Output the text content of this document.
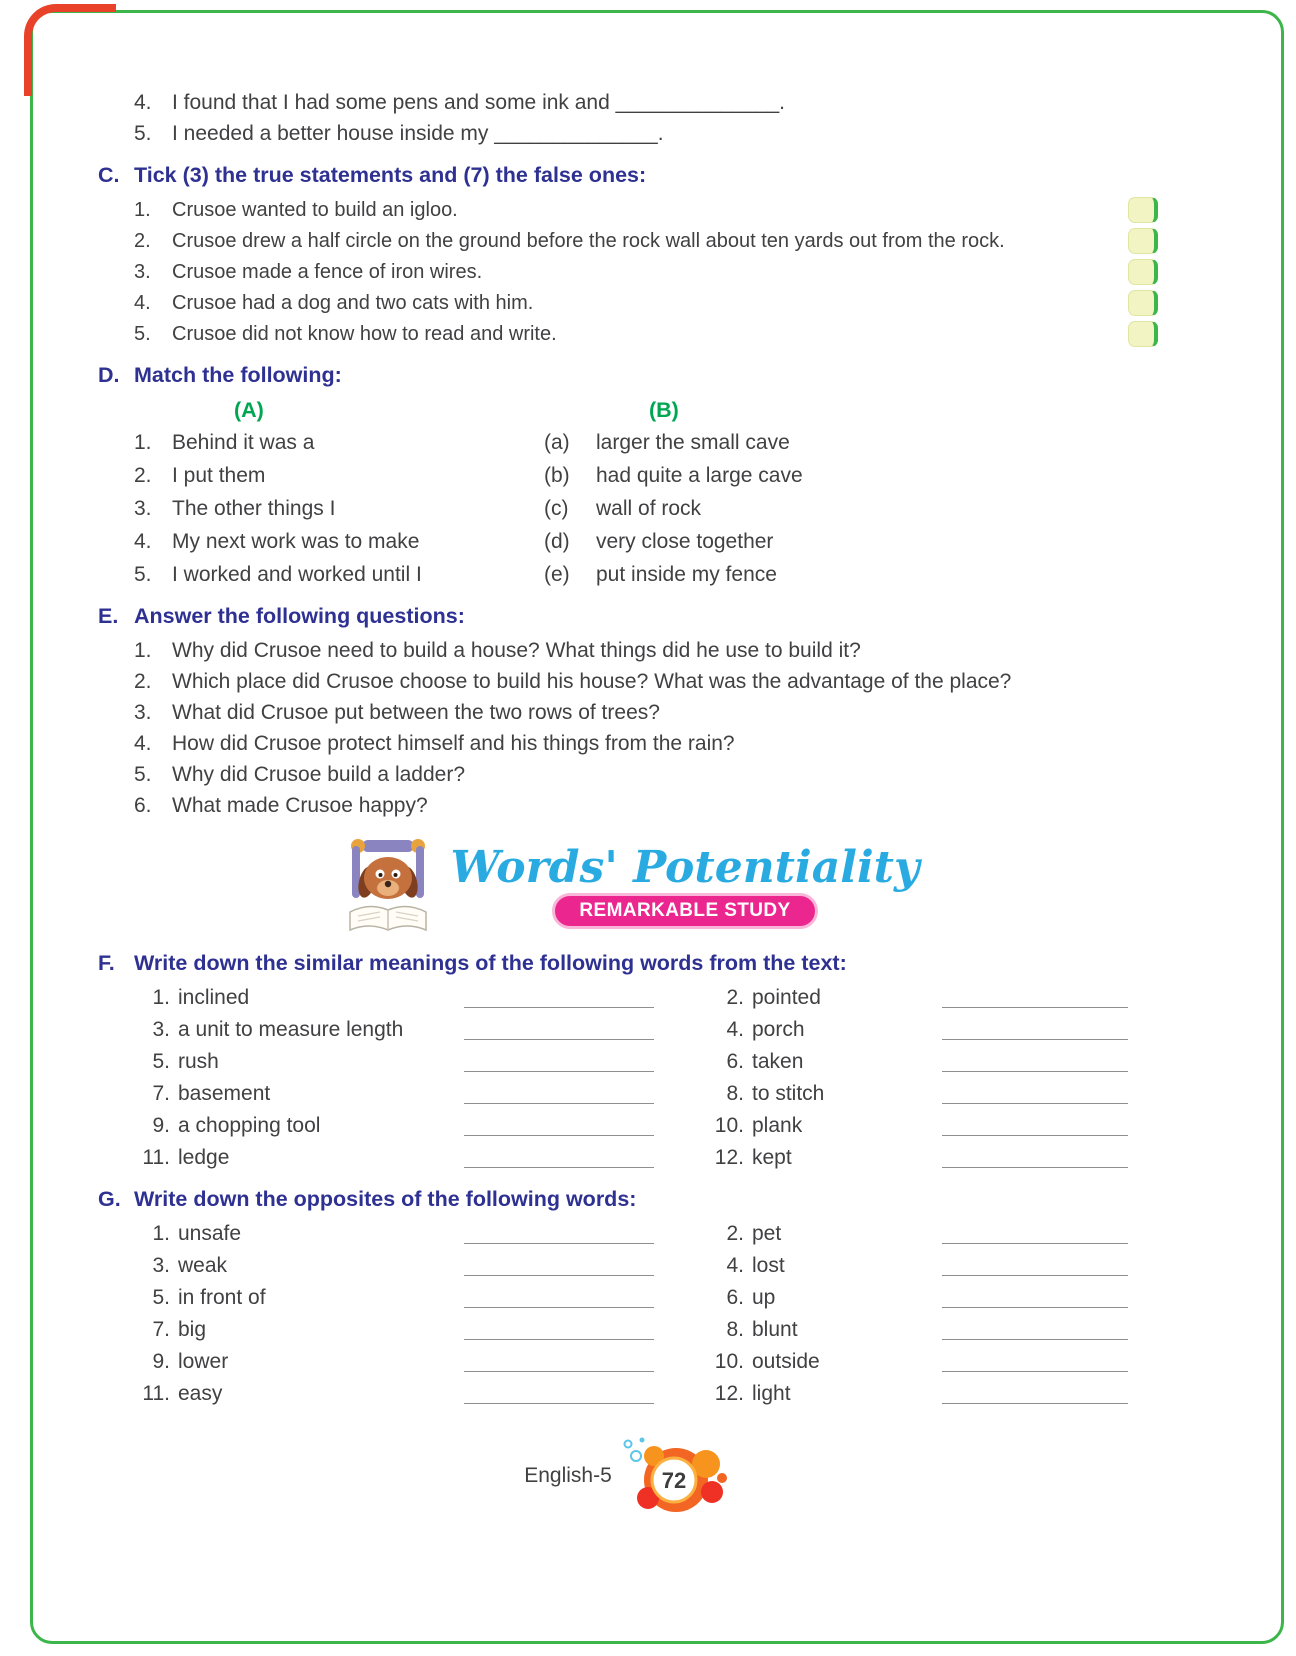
4. I found that I had some pens and some ink and ______________.
5. I needed a better house inside my ______________.
C. Tick (3) the true statements and (7) the false ones:
1.	Crusoe wanted to build an igloo.
2.	Crusoe drew a half circle on the ground before the rock wall about ten yards out from the rock.
3.	Crusoe made a fence of iron wires.
4.	Crusoe had a dog and two cats with him.
5.	Crusoe did not know how to read and write.
D. Match the following:
(A)	(B)
1. Behind it was a	(a)	larger the small cave
2. I put them	(b)	had quite a large cave
3. The other things I	(c)	wall of rock
4. My next work was to make	(d)	very close together
5. I worked and worked until I	(e)	put inside my fence
E. Answer the following questions:
1. Why did Crusoe need to build a house? What things did he use to build it?
2. Which place did Crusoe choose to build his house? What was the advantage of the place?
3. What did Crusoe put between the two rows of trees?
4. How did Crusoe protect himself and his things from the rain?
5. Why did Crusoe build a ladder?
6. What made Crusoe happy?
Words' Potentiality
REMARKABLE STUDY
F. Write down the similar meanings of the following words from the text:
1. inclined	2. pointed
3. a unit to measure length	4. porch
5. rush	6. taken
7. basement	8. to stitch
9. a chopping tool	10. plank
11. ledge	12. kept
G. Write down the opposites of the following words:
1. unsafe	2. pet
3. weak	4. lost
5. in front of	6. up
7. big	8. blunt
9. lower	10. outside
11. easy	12. light
English-5 72
